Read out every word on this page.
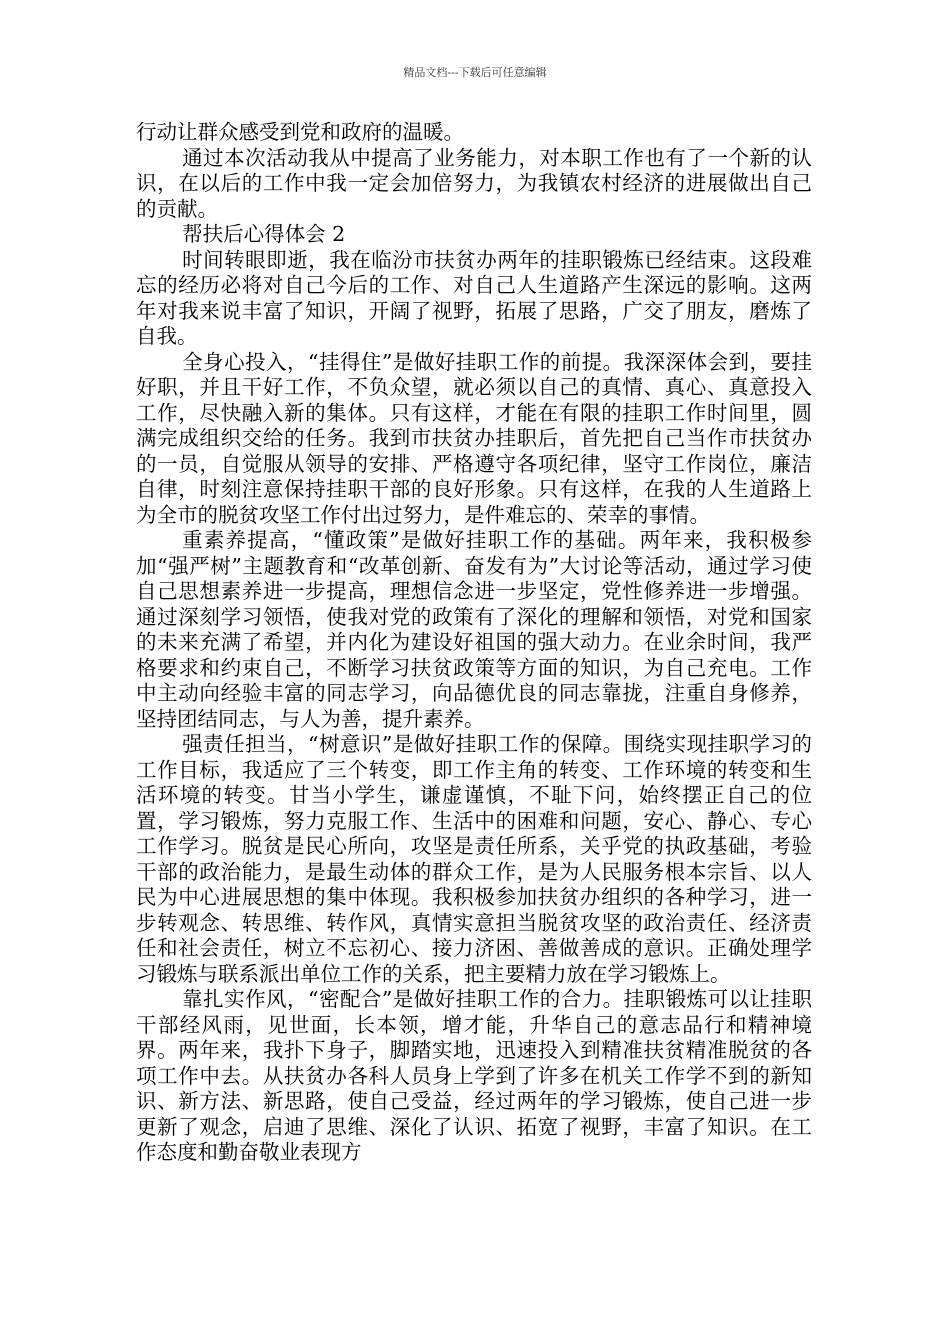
精品文档---下载后可任意编辑

行动让群众感受到党和政府的温暖。

通过本次活动我从中提高了业务能力，对本职工作也有了一个新的认识，在以后的工作中我一定会加倍努力，为我镇农村经济的进展做出自己的贡献。

帮扶后心得体会 2

时间转眼即逝，我在临汾市扶贫办两年的挂职锻炼已经结束。这段难忘的经历必将对自己今后的工作、对自己人生道路产生深远的影响。这两年对我来说丰富了知识，开阔了视野，拓展了思路，广交了朋友，磨炼了自我。

全身心投入，“挂得住”是做好挂职工作的前提。我深深体会到，要挂好职，并且干好工作，不负众望，就必须以自己的真情、真心、真意投入工作，尽快融入新的集体。只有这样，才能在有限的挂职工作时间里，圆满完成组织交给的任务。我到市扶贫办挂职后，首先把自己当作市扶贫办的一员，自觉服从领导的安排、严格遵守各项纪律，坚守工作岗位，廉洁自律，时刻注意保持挂职干部的良好形象。只有这样，在我的人生道路上为全市的脱贫攻坚工作付出过努力，是件难忘的、荣幸的事情。

重素养提高，“懂政策”是做好挂职工作的基础。两年来，我积极参加“强严树”主题教育和“改革创新、奋发有为”大讨论等活动，通过学习使自己思想素养进一步提高，理想信念进一步坚定，党性修养进一步增强。通过深刻学习领悟，使我对党的政策有了深化的理解和领悟，对党和国家的未来充满了希望，并内化为建设好祖国的强大动力。在业余时间，我严格要求和约束自己，不断学习扶贫政策等方面的知识，为自己充电。工作中主动向经验丰富的同志学习，向品德优良的同志靠拢，注重自身修养，坚持团结同志，与人为善，提升素养。

强责任担当，“树意识”是做好挂职工作的保障。围绕实现挂职学习的工作目标，我适应了三个转变，即工作主角的转变、工作环境的转变和生活环境的转变。甘当小学生，谦虚谨慎，不耻下问，始终摆正自己的位置，学习锻炼，努力克服工作、生活中的困难和问题，安心、静心、专心工作学习。脱贫是民心所向，攻坚是责任所系，关乎党的执政基础，考验干部的政治能力，是最生动体的群众工作，是为人民服务根本宗旨、以人民为中心进展思想的集中体现。我积极参加扶贫办组织的各种学习，进一步转观念、转思维、转作风，真情实意担当脱贫攻坚的政治责任、经济责任和社会责任，树立不忘初心、接力济困、善做善成的意识。正确处理学习锻炼与联系派出单位工作的关系，把主要精力放在学习锻炼上。

靠扎实作风，“密配合”是做好挂职工作的合力。挂职锻炼可以让挂职干部经风雨，见世面，长本领，增才能，升华自己的意志品行和精神境界。两年来，我扑下身子，脚踏实地，迅速投入到精准扶贫精准脱贫的各项工作中去。从扶贫办各科人员身上学到了许多在机关工作学不到的新知识、新方法、新思路，使自己受益，经过两年的学习锻炼，使自己进一步更新了观念，启迪了思维、深化了认识、拓宽了视野，丰富了知识。在工作态度和勤奋敬业表现方
